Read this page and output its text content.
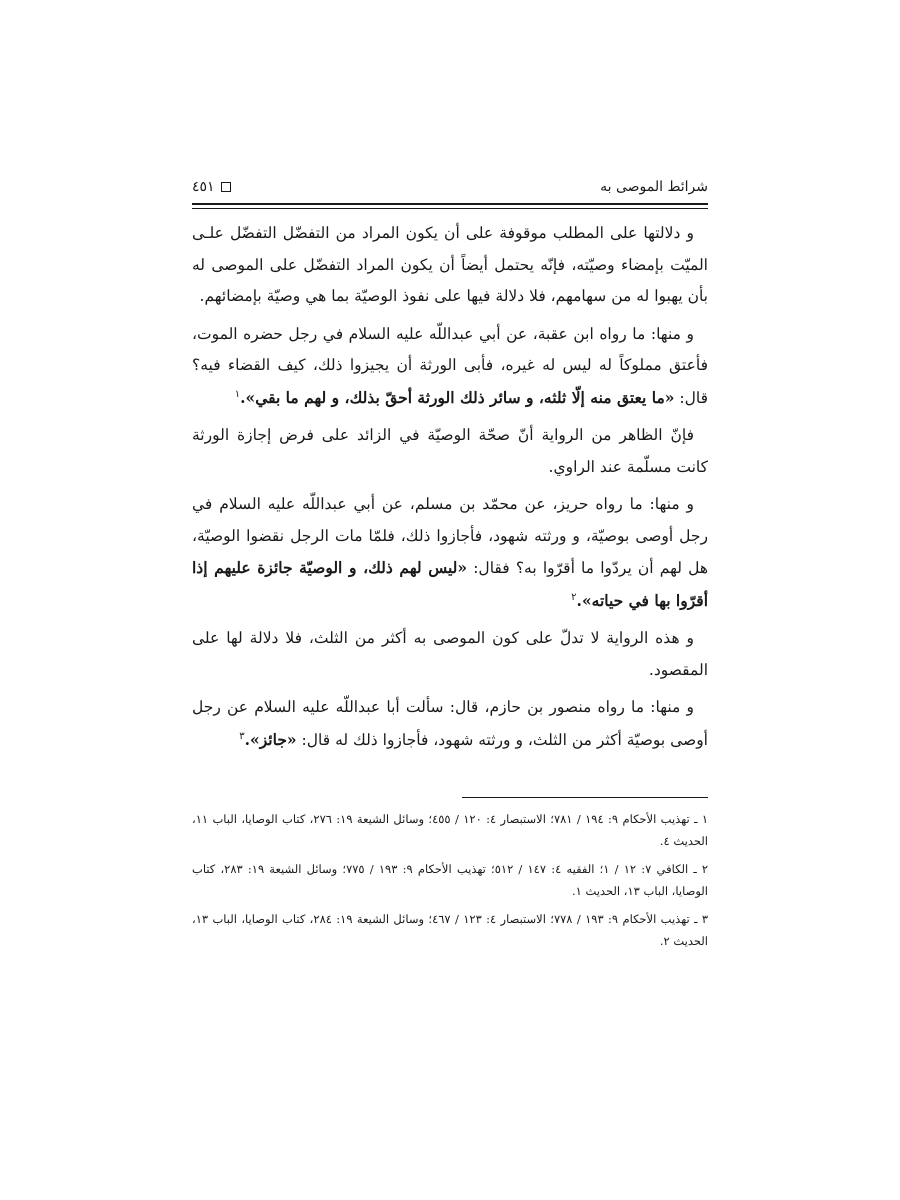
شرائط الموصى به
٤٥١

و دلالتها على المطلب موقوفة على أن يكون المراد من التفضّل التفضّل علـى الميّت بإمضاء وصيّته، فإنّه يحتمل أيضاً أن يكون المراد التفضّل على الموصى له بأن يهبوا له من سهامهم، فلا دلالة فيها على نفوذ الوصيّة بما هي وصيّة بإمضائهم.

و منها: ما رواه ابن عقبة، عن أبي عبداللّه عليه السلام في رجل حضره الموت، فأعتق مملوكاً له ليس له غيره، فأبى الورثة أن يجيزوا ذلك، كيف القضاء فيه؟ قال: «ما يعتق منه إلّا ثلثه، و سائر ذلك الورثة أحقّ بذلك، و لهم ما بقي».$^١$

فإنّ الظاهر من الرواية أنّ صحّة الوصيّة في الزائد على فرض إجازة الورثة كانت مسلّمة عند الراوي.

و منها: ما رواه حريز، عن محمّد بن مسلم، عن أبي عبداللّه عليه السلام في رجل أوصى بوصيّة، و ورثته شهود، فأجازوا ذلك، فلمّا مات الرجل نقضوا الوصيّة، هل لهم أن يردّوا ما أقرّوا به؟ فقال: «ليس لهم ذلك، و الوصيّة جائزة عليهم إذا أقرّوا بها في حياته».$^٢$

و هذه الرواية لا تدلّ على كون الموصى به أكثر من الثلث، فلا دلالة لها على المقصود.

و منها: ما رواه منصور بن حازم، قال: سألت أبا عبداللّه عليه السلام عن رجل أوصى بوصيّة أكثر من الثلث، و ورثته شهود، فأجازوا ذلك له قال: «جائز».$^٣$

١ ـ تهذيب الأحكام ٩: ١٩٤ / ٧٨١؛ الاستبصار ٤: ١٢٠ / ٤٥٥؛ وسائل الشيعة ١٩: ٢٧٦، كتاب الوصايا، الباب ١١، الحديث ٤.
٢ ـ الكافي ٧: ١٢ / ١؛ الفقيه ٤: ١٤٧ / ٥١٢؛ تهذيب الأحكام ٩: ١٩٣ / ٧٧٥؛ وسائل الشيعة ١٩: ٢٨٣، كتاب الوصايا، الباب ١٣، الحديث ١.
٣ ـ تهذيب الأحكام ٩: ١٩٣ / ٧٧٨؛ الاستبصار ٤: ١٢٣ / ٤٦٧؛ وسائل الشيعة ١٩: ٢٨٤، كتاب الوصايا، الباب ١٣، الحديث ٢.
